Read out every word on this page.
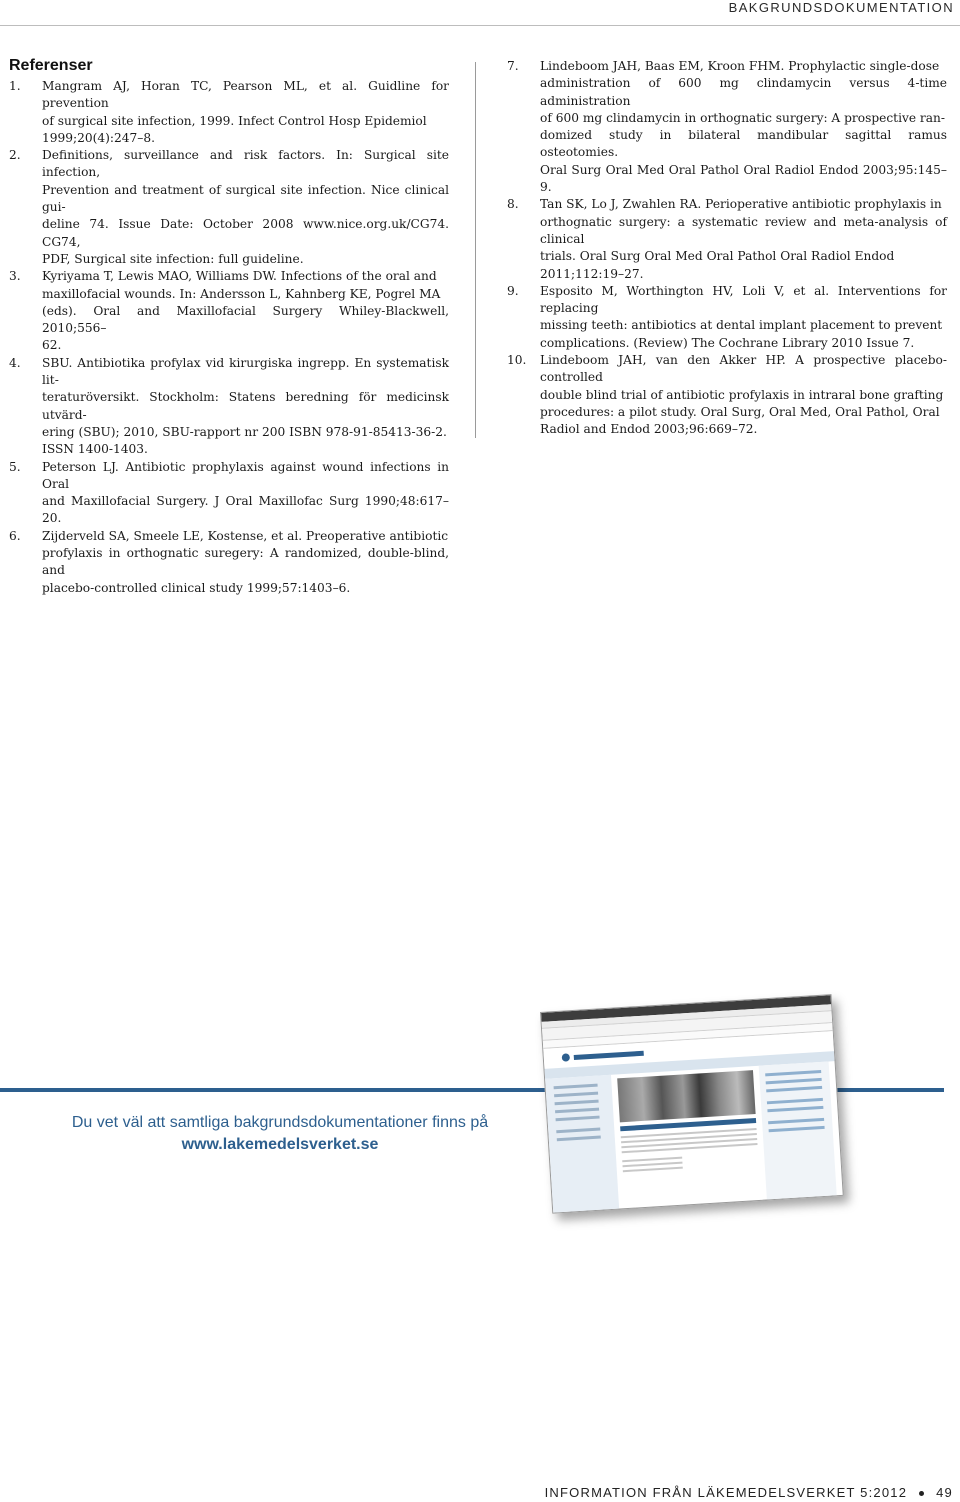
BAKGRUNDSDOKUMENTATION
Referenser
1. Mangram AJ, Horan TC, Pearson ML, et al. Guidline for prevention
of surgical site infection, 1999. Infect Control Hosp Epidemiol
1999;20(4):247–8.
2. Definitions, surveillance and risk factors. In: Surgical site infection,
Prevention and treatment of surgical site infection. Nice clinical gui-
deline 74. Issue Date: October 2008 www.nice.org.uk/CG74. CG74,
PDF, Surgical site infection: full guideline.
3. Kyriyama T, Lewis MAO, Williams DW. Infections of the oral and
maxillofacial wounds. In: Andersson L, Kahnberg KE, Pogrel MA
(eds). Oral and Maxillofacial Surgery Whiley-Blackwell, 2010;556–
62.
4. SBU. Antibiotika profylax vid kirurgiska ingrepp. En systematisk lit-
teraturöversikt. Stockholm: Statens beredning för medicinsk utvärd-
ering (SBU); 2010, SBU-rapport nr 200 ISBN 978-91-85413-36-2.
ISSN 1400-1403.
5. Peterson LJ. Antibiotic prophylaxis against wound infections in Oral
and Maxillofacial Surgery. J Oral Maxillofac Surg 1990;48:617–20.
6. Zijderveld SA, Smeele LE, Kostense, et al. Preoperative antibiotic
profylaxis in orthognatic suregery: A randomized, double-blind, and
placebo-controlled clinical study 1999;57:1403–6.
7. Lindeboom JAH, Baas EM, Kroon FHM. Prophylactic single-dose
administration of 600 mg clindamycin versus 4-time administration
of 600 mg clindamycin in orthognatic surgery: A prospective ran-
domized study in bilateral mandibular sagittal ramus osteotomies.
Oral Surg Oral Med Oral Pathol Oral Radiol Endod 2003;95:145–9.
8. Tan SK, Lo J, Zwahlen RA. Perioperative antibiotic prophylaxis in
orthognatic surgery: a systematic review and meta-analysis of clinical
trials. Oral Surg Oral Med Oral Pathol Oral Radiol Endod
2011;112:19–27.
9. Esposito M, Worthington HV, Loli V, et al. Interventions for replacing
missing teeth: antibiotics at dental implant placement to prevent
complications. (Review) The Cochrane Library 2010 Issue 7.
10. Lindeboom JAH, van den Akker HP. A prospective placebo-controlled
double blind trial of antibiotic profylaxis in intraral bone grafting
procedures: a pilot study. Oral Surg, Oral Med, Oral Pathol, Oral
Radiol and Endod 2003;96:669–72.
Du vet väl att samtliga bakgrundsdokumentationer finns på
www.lakemedelsverket.se
INFORMATION FRÅN LÄKEMEDELSVERKET 5:2012 49
